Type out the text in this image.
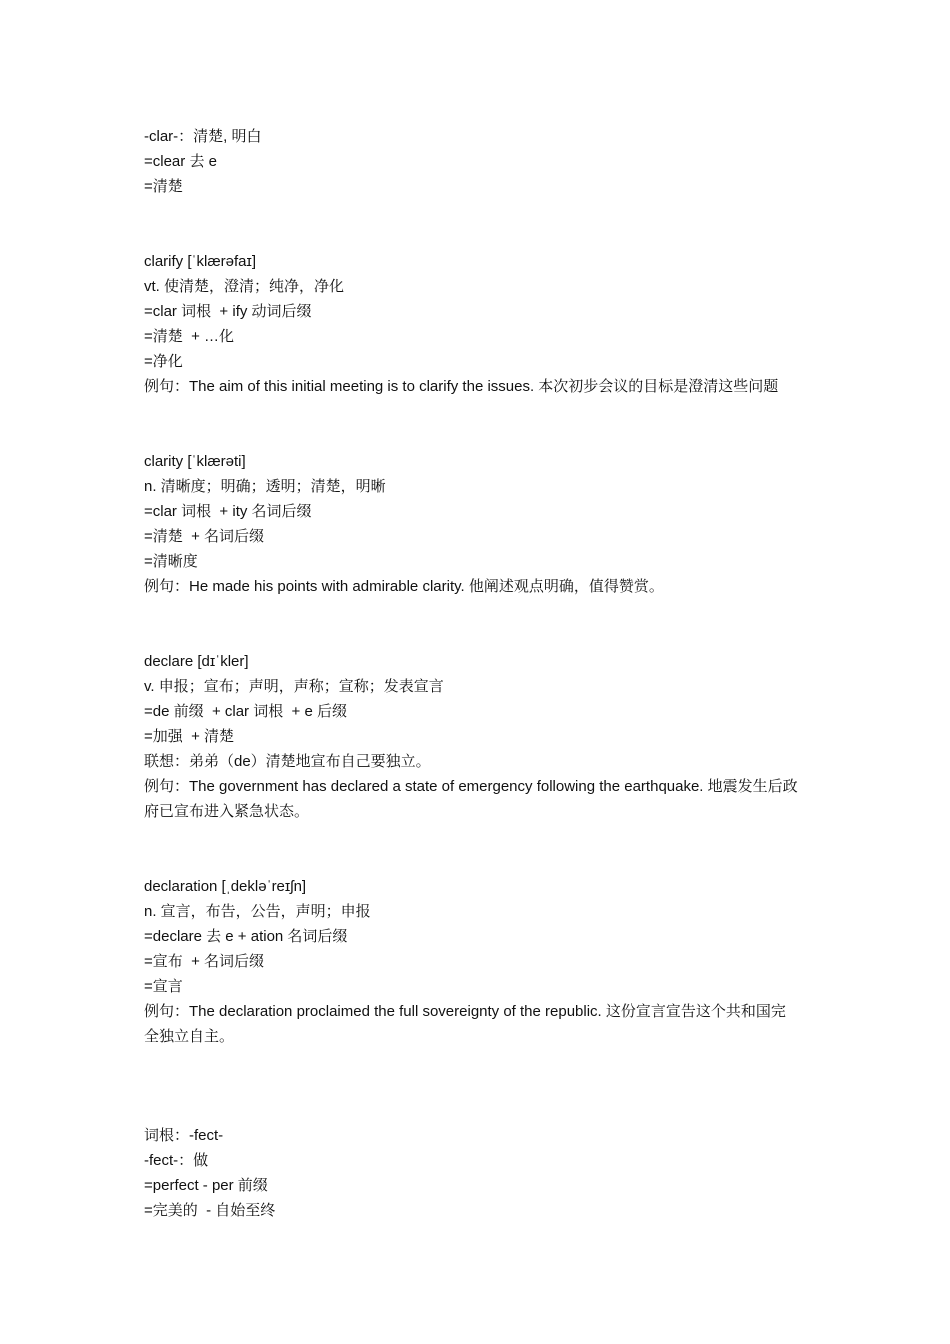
-clar-：清楚, 明白
=clear 去 e
=清楚
clarify [ˈklærəfaɪ]
vt. 使清楚，澄清；纯净，净化
=clar 词根  + ify 动词后缀
=清楚  + …化
=净化
例句：The aim of this initial meeting is to clarify the issues. 本次初步会议的目标是澄清这些问题
clarity [ˈklærəti]
n. 清晰度；明确；透明；清楚，明晰
=clar 词根  + ity 名词后缀
=清楚  + 名词后缀
=清晰度
例句：He made his points with admirable clarity. 他阐述观点明确，值得赞赏。
declare [dɪˈkler]
v. 申报；宣布；声明，声称；宣称；发表宣言
=de 前缀  + clar 词根  + e 后缀
=加强  + 清楚
联想：弟弟（de）清楚地宣布自己要独立。
例句：The government has declared a state of emergency following the earthquake. 地震发生后政
府已宣布进入紧急状态。
declaration [ˌdekləˈreɪʃn]
n. 宣言，布告，公告，声明；申报
=declare 去 e + ation 名词后缀
=宣布  + 名词后缀
=宣言
例句：The declaration proclaimed the full sovereignty of the republic. 这份宣言宣告这个共和国完
全独立自主。
词根：-fect-
-fect-：做
=perfect - per 前缀
=完美的  - 自始至终
